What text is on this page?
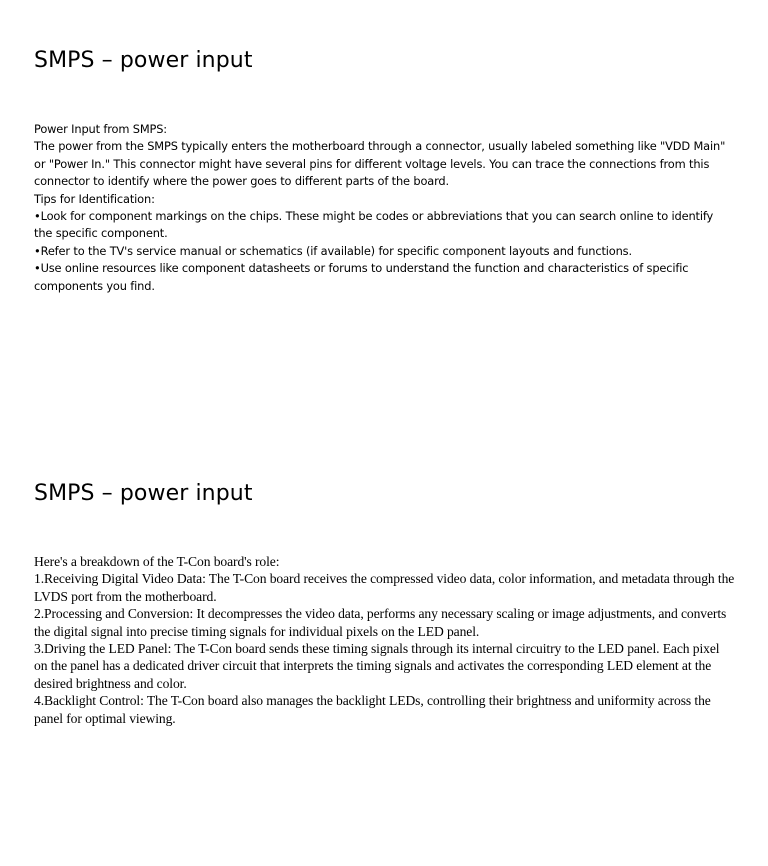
SMPS – power input

Power Input from SMPS:

The power from the SMPS typically enters the motherboard through a connector, usually labeled something like "VDD Main" or "Power In." This connector might have several pins for different voltage levels. You can trace the connections from this connector to identify where the power goes to different parts of the board.

Tips for Identification:

•Look for component markings on the chips. These might be codes or abbreviations that you can search online to identify the specific component.

•Refer to the TV's service manual or schematics (if available) for specific component layouts and functions.

•Use online resources like component datasheets or forums to understand the function and characteristics of specific components you find.

SMPS – power input

Here's a breakdown of the T-Con board's role:

1.Receiving Digital Video Data: The T-Con board receives the compressed video data, color information, and metadata through the LVDS port from the motherboard.

2.Processing and Conversion: It decompresses the video data, performs any necessary scaling or image adjustments, and converts the digital signal into precise timing signals for individual pixels on the LED panel.

3.Driving the LED Panel: The T-Con board sends these timing signals through its internal circuitry to the LED panel. Each pixel on the panel has a dedicated driver circuit that interprets the timing signals and activates the corresponding LED element at the desired brightness and color.

4.Backlight Control: The T-Con board also manages the backlight LEDs, controlling their brightness and uniformity across the panel for optimal viewing.
